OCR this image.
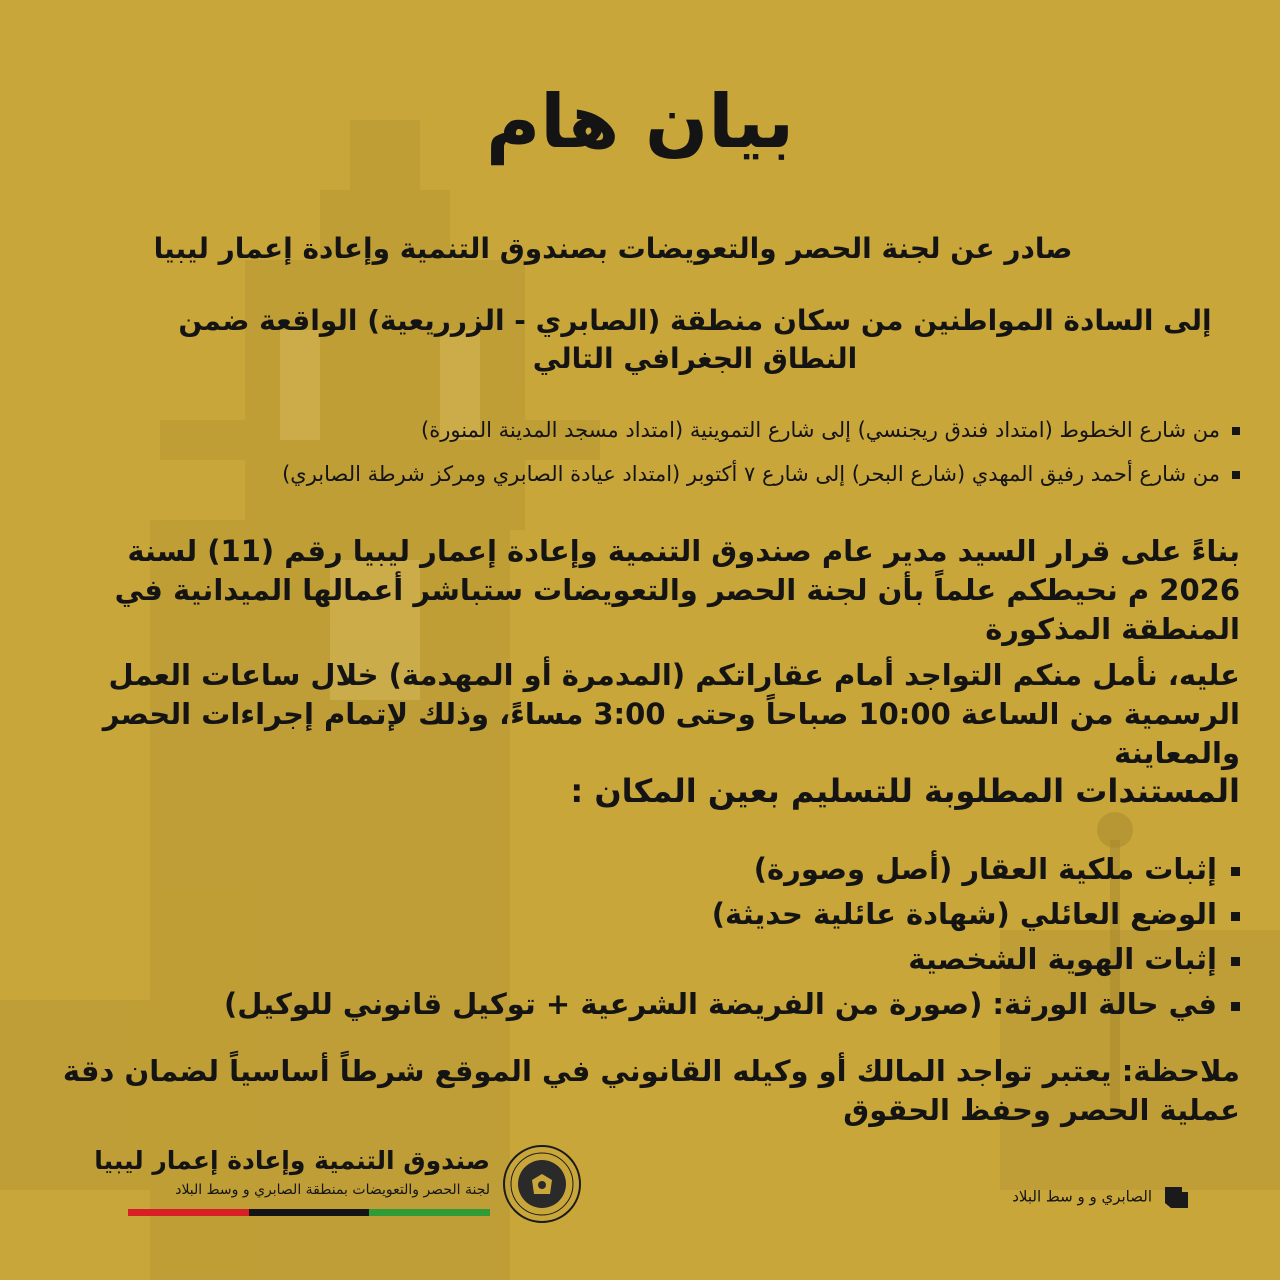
بيان هام
صادر عن لجنة الحصر والتعويضات بصندوق التنمية وإعادة إعمار ليبيا
إلى السادة المواطنين من سكان منطقة (الصابري - الزرريعية) الواقعة ضمن النطاق الجغرافي التالي
من شارع الخطوط (امتداد فندق ريجنسي) إلى شارع التموينية (امتداد مسجد المدينة المنورة)
من شارع أحمد رفيق المهدي (شارع البحر) إلى شارع ٧ أكتوبر (امتداد عيادة الصابري ومركز شرطة الصابري)
بناءً على قرار السيد مدير عام صندوق التنمية وإعادة إعمار ليبيا رقم (11) لسنة 2026 م نحيطكم علماً بأن لجنة الحصر والتعويضات ستباشر أعمالها الميدانية في المنطقة المذكورة
عليه، نأمل منكم التواجد أمام عقاراتكم (المدمرة أو المهدمة) خلال ساعات العمل الرسمية من الساعة 10:00 صباحاً وحتى 3:00 مساءً، وذلك لإتمام إجراءات الحصر والمعاينة
المستندات المطلوبة للتسليم بعين المكان :
إثبات ملكية العقار (أصل وصورة)
الوضع العائلي (شهادة عائلية حديثة)
إثبات الهوية الشخصية
في حالة الورثة: (صورة من الفريضة الشرعية + توكيل قانوني للوكيل)
ملاحظة: يعتبر تواجد المالك أو وكيله القانوني في الموقع شرطاً أساسياً لضمان دقة عملية الحصر وحفظ الحقوق
صندوق التنمية وإعادة إعمار ليبيا
لجنة الحصر والتعويضات بمنطقة الصابري و وسط البلاد	الصابري و و سط البلاد
